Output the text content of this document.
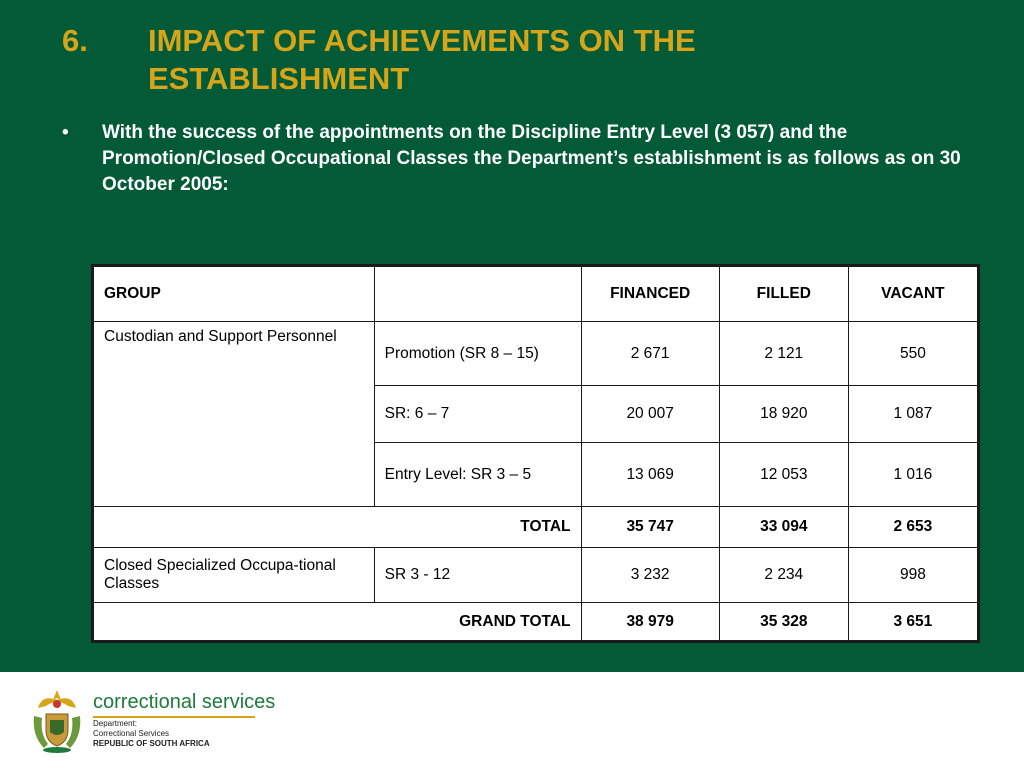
6. IMPACT OF ACHIEVEMENTS ON THE ESTABLISHMENT
• With the success of the appointments on the Discipline Entry Level (3 057) and the Promotion/Closed Occupational Classes the Department’s establishment is as follows as on 30 October 2005:
GROUP		FINANCED	FILLED	VACANT
Custodian and Support Personnel	Promotion (SR 8 – 15)	2 671	2 121	550
	SR: 6 – 7	20 007	18 920	1 087
	Entry Level: SR 3 – 5	13 069	12 053	1 016
TOTAL		35 747	33 094	2 653
Closed Specialized Occupa-tional Classes	SR 3 - 12	3 232	2 234	998
GRAND TOTAL		38 979	35 328	3 651
correctional services
Department:
Correctional Services
REPUBLIC OF SOUTH AFRICA
